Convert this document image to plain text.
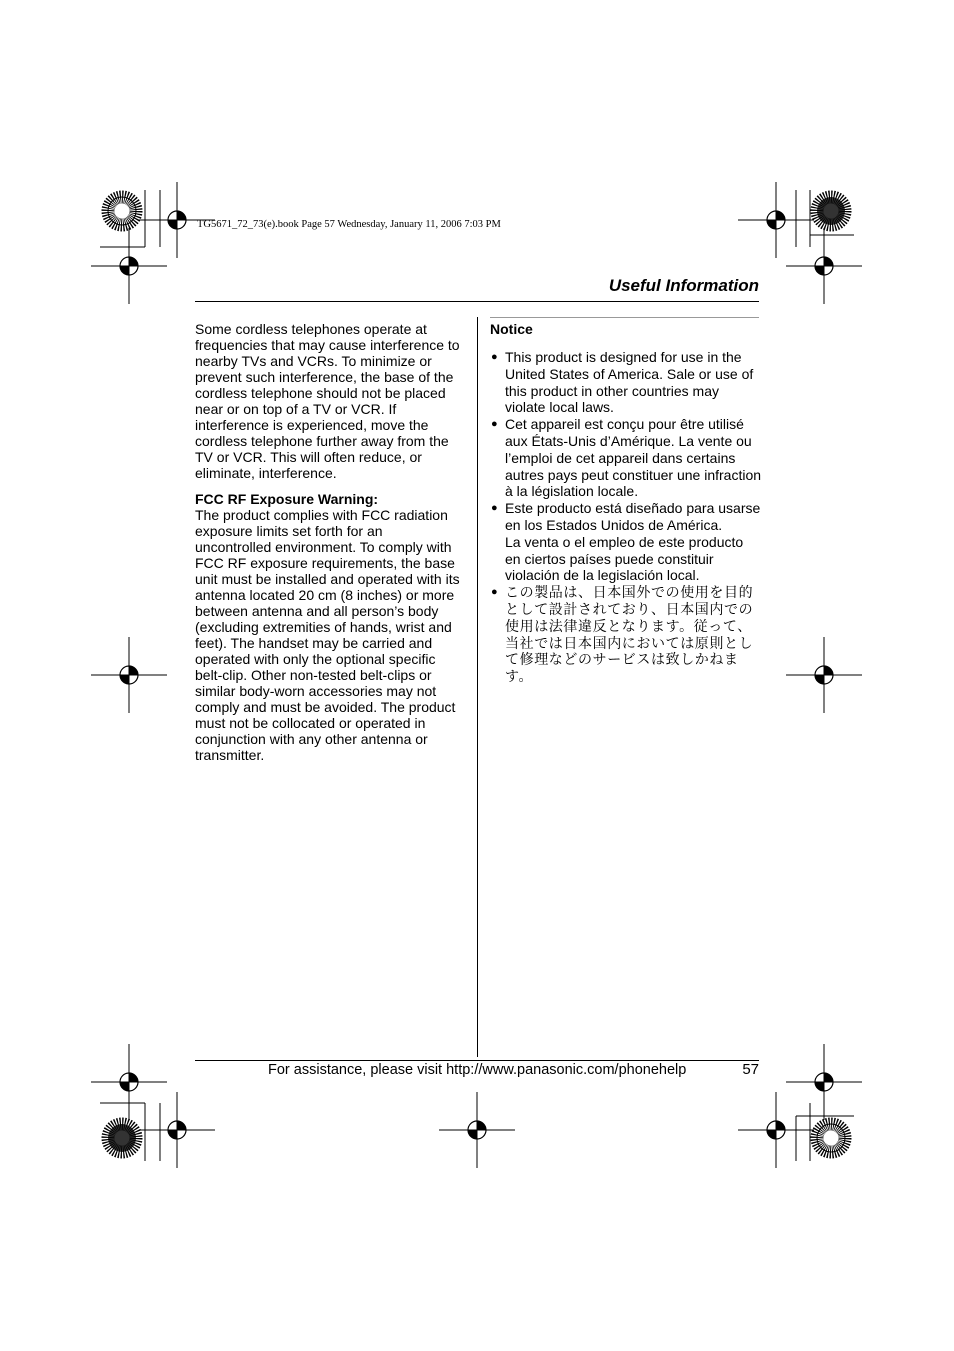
TG5671_72_73(e).book Page 57 Wednesday, January 11, 2006 7:03 PM
Useful Information

Some cordless telephones operate at frequencies that may cause interference to nearby TVs and VCRs. To minimize or prevent such interference, the base of the cordless telephone should not be placed near or on top of a TV or VCR. If interference is experienced, move the cordless telephone further away from the TV or VCR. This will often reduce, or eliminate, interference.

FCC RF Exposure Warning:

The product complies with FCC radiation exposure limits set forth for an uncontrolled environment. To comply with FCC RF exposure requirements, the base unit must be installed and operated with its antenna located 20 cm (8 inches) or more between antenna and all person’s body (excluding extremities of hands, wrist and feet). The handset may be carried and operated with only the optional specific belt-clip. Other non-tested belt-clips or similar body-worn accessories may not comply and must be avoided. The product must not be collocated or operated in conjunction with any other antenna or transmitter.

Notice
● This product is designed for use in the United States of America. Sale or use of this product in other countries may violate local laws.
● Cet appareil est conçu pour être utilisé aux États-Unis d’Amérique. La vente ou l’emploi de cet appareil dans certains autres pays peut constituer une infraction à la législation locale.
● Este producto está diseñado para usarse en los Estados Unidos de América.
La venta o el empleo de este producto en ciertos países puede constituir violación de la legislación local.
● この製品は、日本国外での使用を目的として設計されており、日本国内での使用は法律違反となります。従って、当社では日本国内においては原則として修理などのサービスは致しかねます。
For assistance, please visit http://www.panasonic.com/phonehelp	57
